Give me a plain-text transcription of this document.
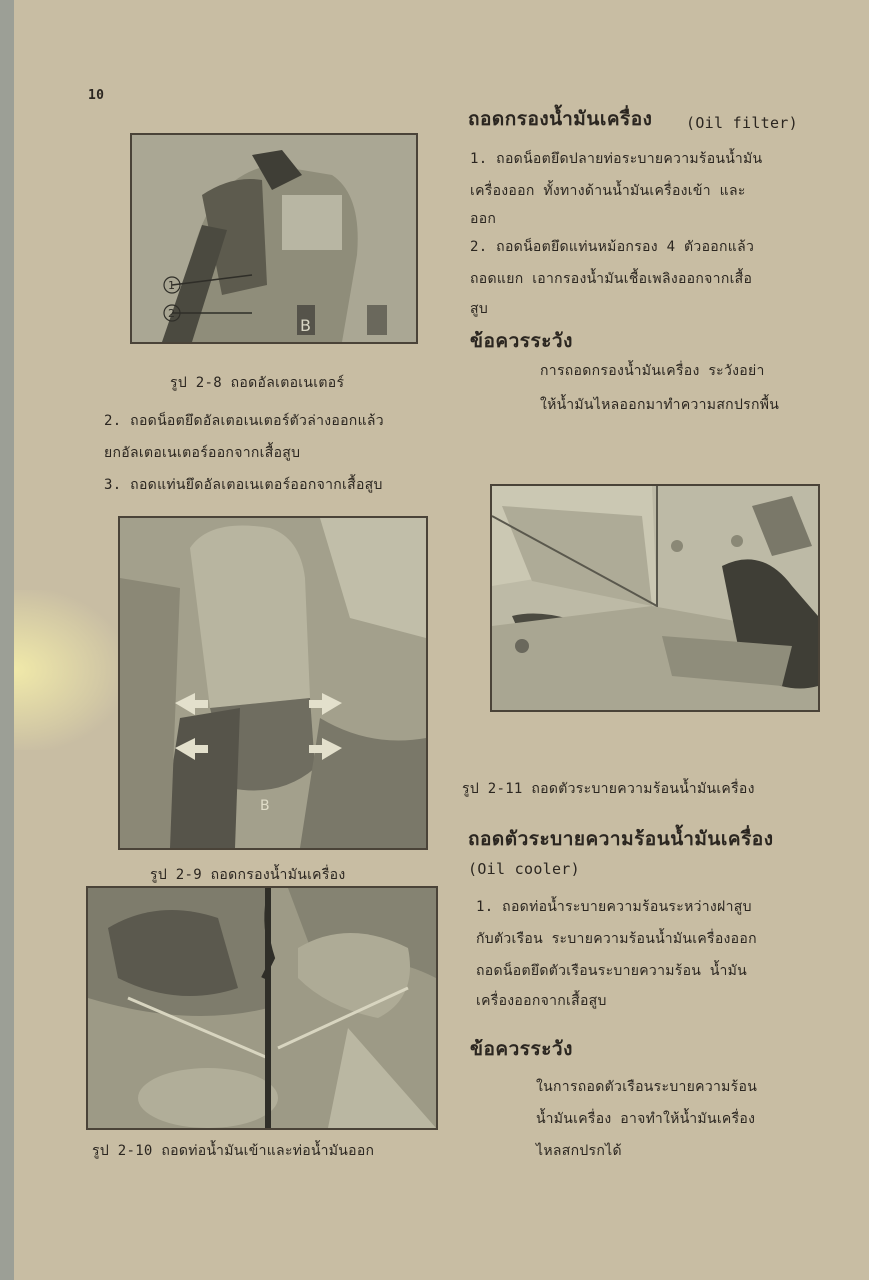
10
1
2
B
รูป 2-8 ถอดอัลเตอเนเตอร์
2. ถอดน็อตยึดอัลเตอเนเตอร์ตัวล่างออกแล้ว
ยกอัลเตอเนเตอร์ออกจากเสื้อสูบ
3. ถอดแท่นยึดอัลเตอเนเตอร์ออกจากเสื้อสูบ
B
รูป 2-9 ถอดกรองน้ำมันเครื่อง
รูป 2-10 ถอดท่อน้ำมันเข้าและท่อน้ำมันออก
ถอดกรองน้ำมันเครื่อง (Oil filter)
1. ถอดน็อตยึดปลายท่อระบายความร้อนน้ำมัน
เครื่องออก ทั้งทางด้านน้ำมันเครื่องเข้า และ
ออก
2. ถอดน็อตยึดแท่นหม้อกรอง 4 ตัวออกแล้ว
ถอดแยก เอากรองน้ำมันเชื้อเพลิงออกจากเสื้อ
สูบ
ข้อควรระวัง
การถอดกรองน้ำมันเครื่อง ระวังอย่า
ให้น้ำมันไหลออกมาทำความสกปรกพื้น
รูป 2-11 ถอดตัวระบายความร้อนน้ำมันเครื่อง
ถอดตัวระบายความร้อนน้ำมันเครื่อง
(Oil cooler)
1. ถอดท่อน้ำระบายความร้อนระหว่างฝาสูบ
กับตัวเรือน ระบายความร้อนน้ำมันเครื่องออก
ถอดน็อตยึดตัวเรือนระบายความร้อน น้ำมัน
เครื่องออกจากเสื้อสูบ
ข้อควรระวัง
ในการถอดตัวเรือนระบายความร้อน
น้ำมันเครื่อง อาจทำให้น้ำมันเครื่อง
ไหลสกปรกได้
